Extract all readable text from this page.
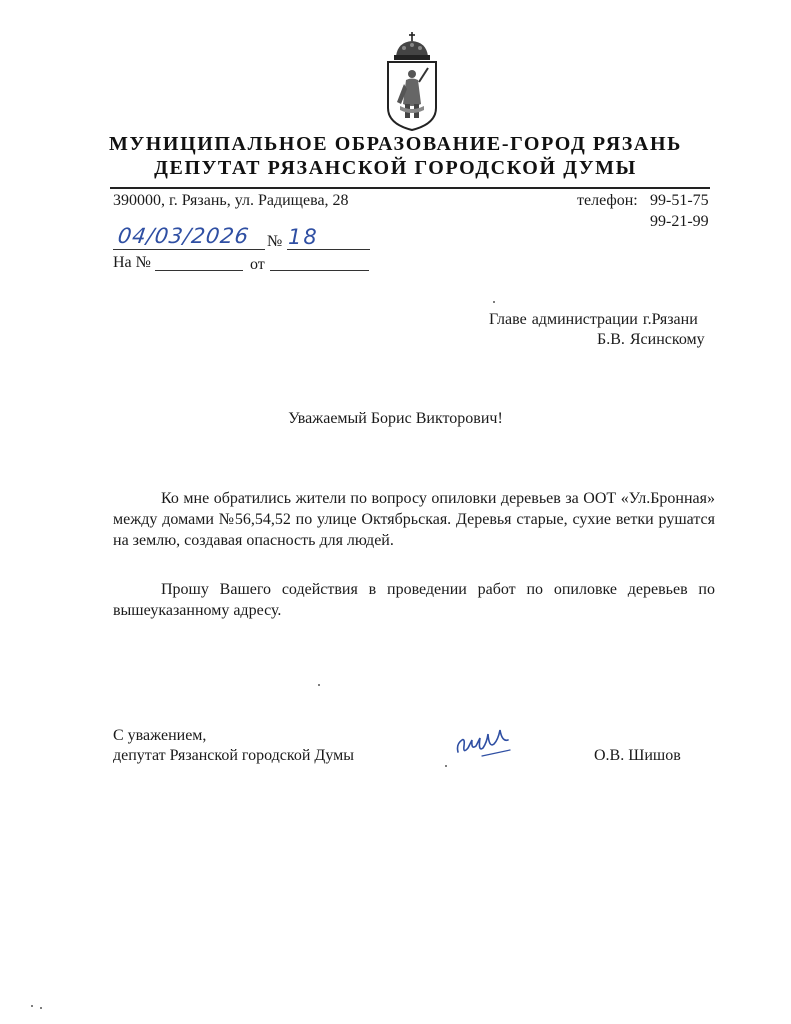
МУНИЦИПАЛЬНОЕ ОБРАЗОВАНИЕ-ГОРОД РЯЗАНЬ
ДЕПУТАТ РЯЗАНСКОЙ ГОРОДСКОЙ ДУМЫ
390000, г. Рязань, ул. Радищева, 28	телефон: 99-51-75
99-21-99
04/03/2026 № 18
На №	от
Главе администрации г.Рязани
Б.В. Ясинскому
Уважаемый Борис Викторович!
Ко мне обратились жители по вопросу опиловки деревьев за ООТ «Ул.Бронная» между домами №56,54,52 по улице Октябрьская. Деревья старые, сухие ветки рушатся на землю, создавая опасность для людей.
Прошу Вашего содействия в проведении работ по опиловке деревьев по вышеуказанному адресу.
С уважением,
депутат Рязанской городской Думы	О.В. Шишов
